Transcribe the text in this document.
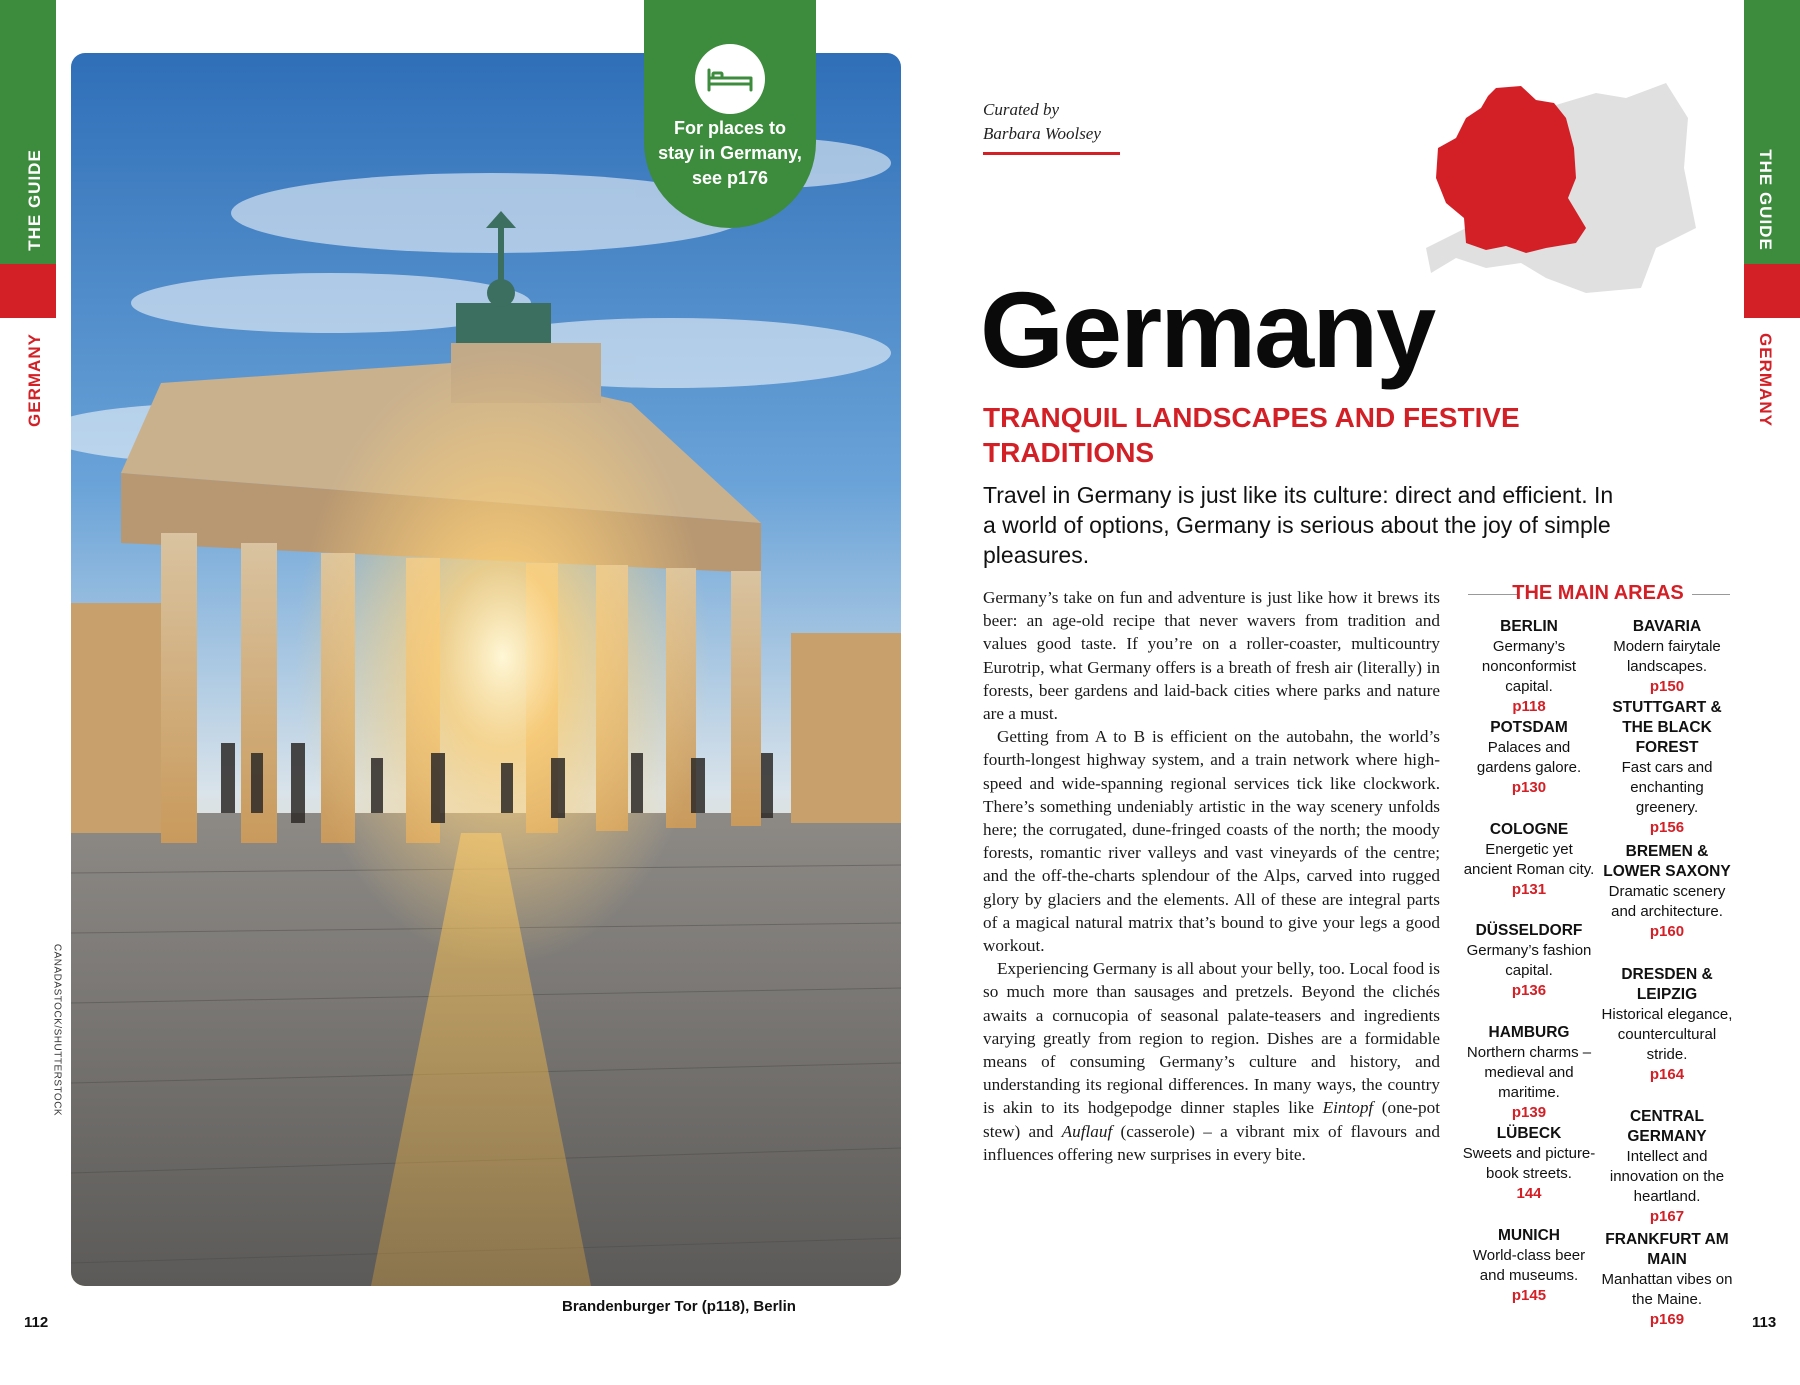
THE GUIDE
GERMANY
For places to stay in Germany, see p176
CANADASTOCK/SHUTTERSTOCK
Brandenburger Tor (p118), Berlin
112
THE GUIDE
GERMANY
Curated by
Barbara Woolsey
Germany
TRANQUIL LANDSCAPES AND FESTIVE TRADITIONS
Travel in Germany is just like its culture: direct and efficient. In a world of options, Germany is serious about the joy of simple pleasures.

Germany’s take on fun and adventure is just like how it brews its beer: an age-old recipe that never wavers from tradition and values good taste. If you’re on a roller-coaster, multicountry Eurotrip, what Germany offers is a breath of fresh air (literally) in forests, beer gardens and laid-back cities where parks and nature are a must.

Getting from A to B is efficient on the autobahn, the world’s fourth-longest highway system, and a train network where high-speed and wide-spanning regional services tick like clockwork. There’s something undeniably artistic in the way scenery unfolds here; the corrugated, dune-fringed coasts of the north; the moody forests, romantic river valleys and vast vineyards of the centre; and the off-the-charts splendour of the Alps, carved into rugged glory by glaciers and the elements. All of these are integral parts of a magical natural matrix that’s bound to give your legs a good workout.

Experiencing Germany is all about your belly, too. Local food is so much more than sausages and pretzels. Beyond the clichés awaits a cornucopia of seasonal palate-teasers and ingredients varying greatly from region to region. Dishes are a formidable means of consuming Germany’s culture and history, and understanding its regional differences. In many ways, the country is akin to its hodgepodge dinner staples like Eintopf (one-pot stew) and Auflauf (casserole) – a vibrant mix of flavours and influences offering new surprises in every bite.

THE MAIN AREAS
BERLIN
Germany’s nonconformist capital.
p118
POTSDAM
Palaces and gardens galore.
p130
COLOGNE
Energetic yet ancient Roman city.
p131
DÜSSELDORF
Germany’s fashion capital.
p136
HAMBURG
Northern charms – medieval and maritime.
p139
LÜBECK
Sweets and picture-book streets.
144
MUNICH
World-class beer and museums.
p145
BAVARIA
Modern fairytale landscapes.
p150
STUTTGART & THE BLACK FOREST
Fast cars and enchanting greenery.
p156
BREMEN & LOWER SAXONY
Dramatic scenery and architecture.
p160
DRESDEN & LEIPZIG
Historical elegance, countercultural stride.
p164
CENTRAL GERMANY
Intellect and innovation on the heartland.
p167
FRANKFURT AM MAIN
Manhattan vibes on the Maine.
p169	113
